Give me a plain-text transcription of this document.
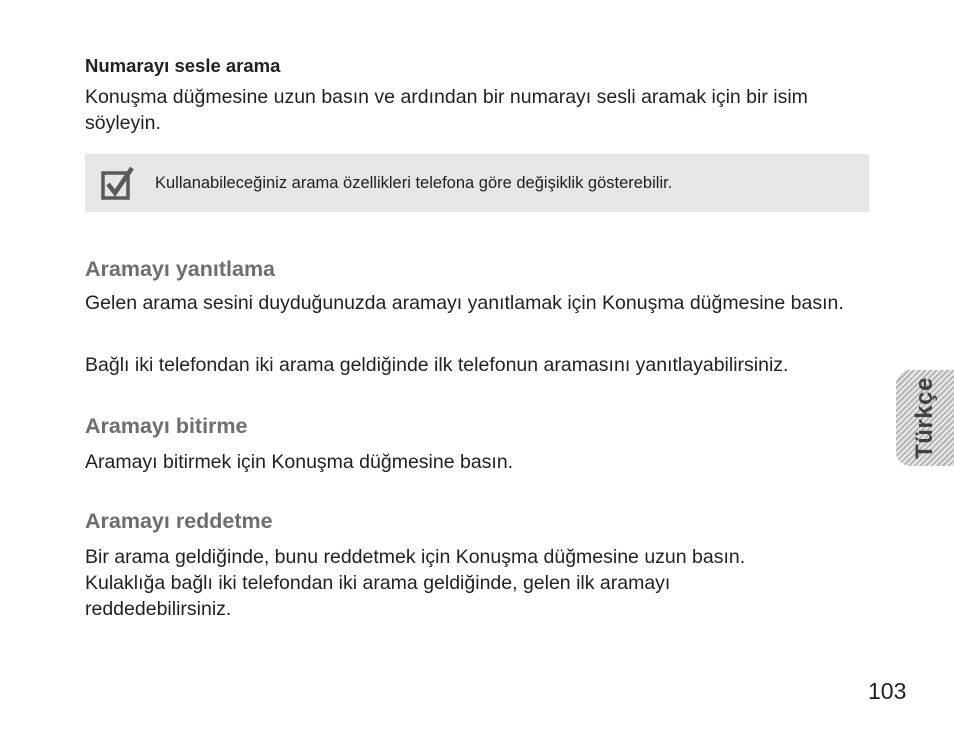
Numarayı sesle arama

Konuşma düğmesine uzun basın ve ardından bir numarayı sesli aramak için bir isim söyleyin.

Kullanabileceğiniz arama özellikleri telefona göre değişiklik gösterebilir.

Aramayı yanıtlama

Gelen arama sesini duyduğunuzda aramayı yanıtlamak için Konuşma düğmesine basın.

Bağlı iki telefondan iki arama geldiğinde ilk telefonun aramasını yanıtlayabilirsiniz.

Aramayı bitirme

Aramayı bitirmek için Konuşma düğmesine basın.

Aramayı reddetme

Bir arama geldiğinde, bunu reddetmek için Konuşma düğmesine uzun basın. Kulaklığa bağlı iki telefondan iki arama geldiğinde, gelen ilk aramayı reddedebilirsiniz.

Türkçe

103
